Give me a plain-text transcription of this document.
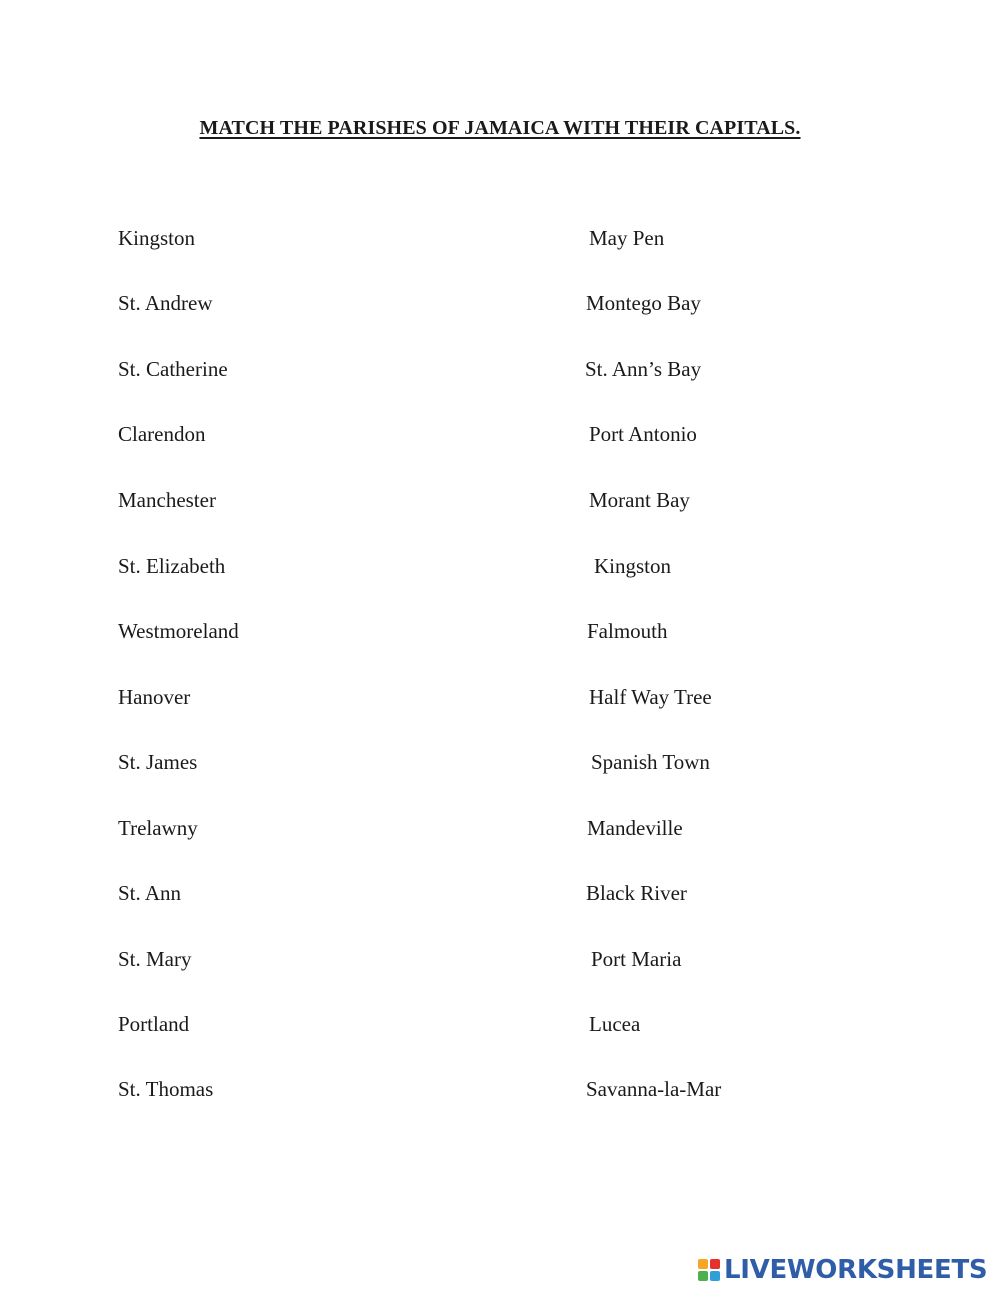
MATCH THE PARISHES OF JAMAICA WITH THEIR CAPITALS.
Kingston	May Pen
St. Andrew	Montego Bay
St. Catherine	St. Ann’s Bay
Clarendon	Port Antonio
Manchester	Morant Bay
St. Elizabeth	Kingston
Westmoreland	Falmouth
Hanover	Half Way Tree
St. James	Spanish Town
Trelawny	Mandeville
St. Ann	Black River
St. Mary	Port Maria
Portland	Lucea
St. Thomas	Savanna-la-Mar
LIVEWORKSHEETS
